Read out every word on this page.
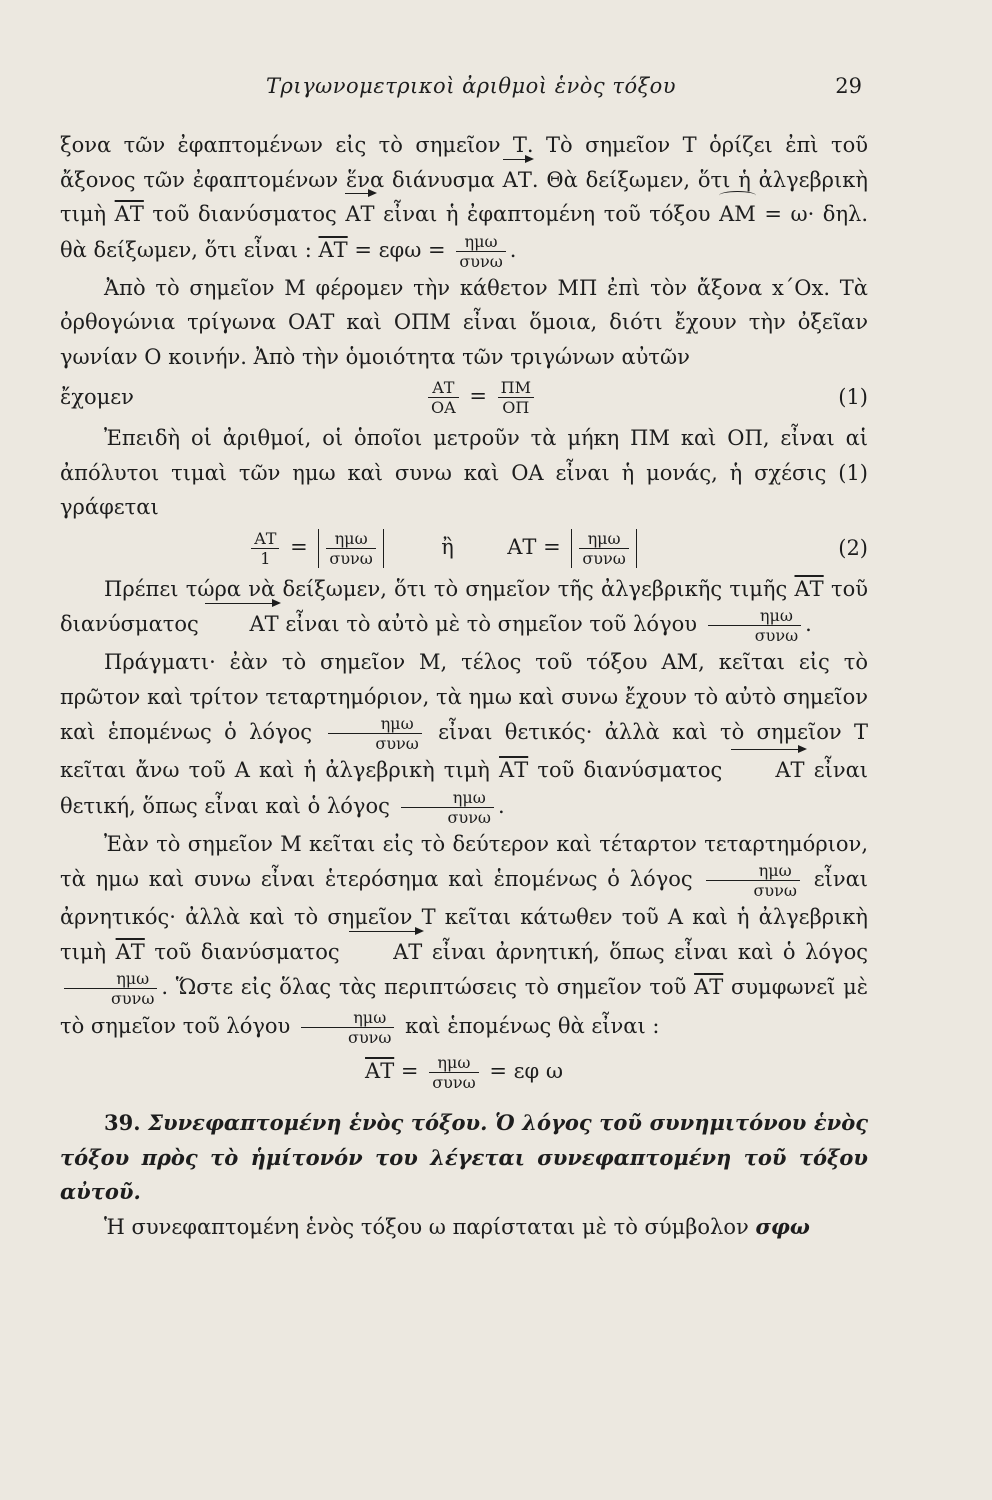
Τριγωνομετρικοὶ ἀριθμοὶ ἑνὸς τόξου	29

ξονα τῶν ἐφαπτομένων εἰς τὸ σημεῖον Τ. Τὸ σημεῖον Τ ὁρίζει ἐπὶ τοῦ ἄξονος τῶν ἐφαπτομένων ἕνα διάνυσμα ΑΤ. Θὰ δείξωμεν, ὅτι ἡ ἀλγεβρικὴ τιμὴ $\overline{AT}$ τοῦ διανύσματος ΑΤ εἶναι ἡ ἐφαπτομένη τοῦ τόξου ΑΜ = ω· δηλ. θὰ δείξωμεν, ὅτι εἶναι : $\overline{AT} = \varepsilon\varphi\omega = \frac{\text{ημω}}{\text{συνω}}$ .

Ἀπὸ τὸ σημεῖον Μ φέρομεν τὴν κάθετον ΜΠ ἐπὶ τὸν ἄξονα x΄Ox. Τὰ ὀρθογώνια τρίγωνα ΟΑΤ καὶ ΟΠΜ εἶναι ὅμοια, διότι ἔχουν τὴν ὀξεῖαν γωνίαν Ο κοινήν. Ἀπὸ τὴν ὁμοιότητα τῶν τριγώνων αὐτῶν

ἔχομεν	$\frac{AT}{OA} = \frac{\Pi M}{O\Pi}$	(1)

Ἐπειδὴ οἱ ἀριθμοί, οἱ ὁποῖοι μετροῦν τὰ μήκη ΠΜ καὶ ΟΠ, εἶναι αἱ ἀπόλυτοι τιμαὶ τῶν ημω καὶ συνω καὶ ΟΑ εἶναι ἡ μονάς, ἡ σχέσις (1) γράφεται

$\frac{AT}{1} = \frac{\text{ημω}}{\text{συνω}}$	ἢ	$AT = \frac{\text{ημω}}{\text{συνω}}$	(2)

Πρέπει τώρα νὰ δείξωμεν, ὅτι τὸ σημεῖον τῆς ἀλγεβρικῆς τιμῆς $\overline{AT}$ τοῦ διανύσματος ΑΤ εἶναι τὸ αὐτὸ μὲ τὸ σημεῖον τοῦ λόγου $\frac{\text{ημω}}{\text{συνω}}$ .

Πράγματι· ἐὰν τὸ σημεῖον Μ, τέλος τοῦ τόξου ΑΜ, κεῖται εἰς τὸ πρῶτον καὶ τρίτον τεταρτημόριον, τὰ ημω καὶ συνω ἔχουν τὸ αὐτὸ σημεῖον καὶ ἑπομένως ὁ λόγος $\frac{\text{ημω}}{\text{συνω}}$ εἶναι θετικός· ἀλλὰ καὶ τὸ σημεῖον Τ κεῖται ἄνω τοῦ Α καὶ ἡ ἀλγεβρικὴ τιμὴ $\overline{AT}$ τοῦ διανύσματος	ΑΤ εἶναι θετική, ὅπως εἶναι καὶ ὁ λόγος $\frac{\text{ημω}}{\text{συνω}}$ .

Ἐὰν τὸ σημεῖον Μ κεῖται εἰς τὸ δεύτερον καὶ τέταρτον τεταρτημόριον, τὰ ημω καὶ συνω εἶναι ἑτερόσημα καὶ ἑπομένως ὁ λόγος $\frac{\text{ημω}}{\text{συνω}}$ εἶναι ἀρνητικός· ἀλλὰ καὶ τὸ σημεῖον Τ κεῖται κάτωθεν τοῦ Α καὶ ἡ ἀλγεβρικὴ τιμὴ $\overline{AT}$ τοῦ διανύσματος	ΑΤ εἶναι ἀρνητική, ὅπως εἶναι καὶ ὁ λόγος
$\frac{\text{ημω}}{\text{συνω}}$ . Ὥστε εἰς ὅλας τὰς περιπτώσεις τὸ σημεῖον τοῦ $\overline{AT}$ συμφωνεῖ μὲ τὸ σημεῖον τοῦ λόγου $\frac{\text{ημω}}{\text{συνω}}$ καὶ ἑπομένως θὰ εἶναι :

$\overline{AT} = \frac{\text{ημω}}{\text{συνω}} = \varepsilon\varphi$ ω

39. Συνεφαπτομένη ἑνὸς τόξου. Ὁ λόγος τοῦ συνημιτόνου ἑνὸς τόξου πρὸς τὸ ἡμίτονόν του λέγεται συνεφαπτομένη τοῦ τόξου αὐτοῦ.

Ἡ συνεφαπτομένη ἑνὸς τόξου ω παρίσταται μὲ τὸ σύμβολον σφω
